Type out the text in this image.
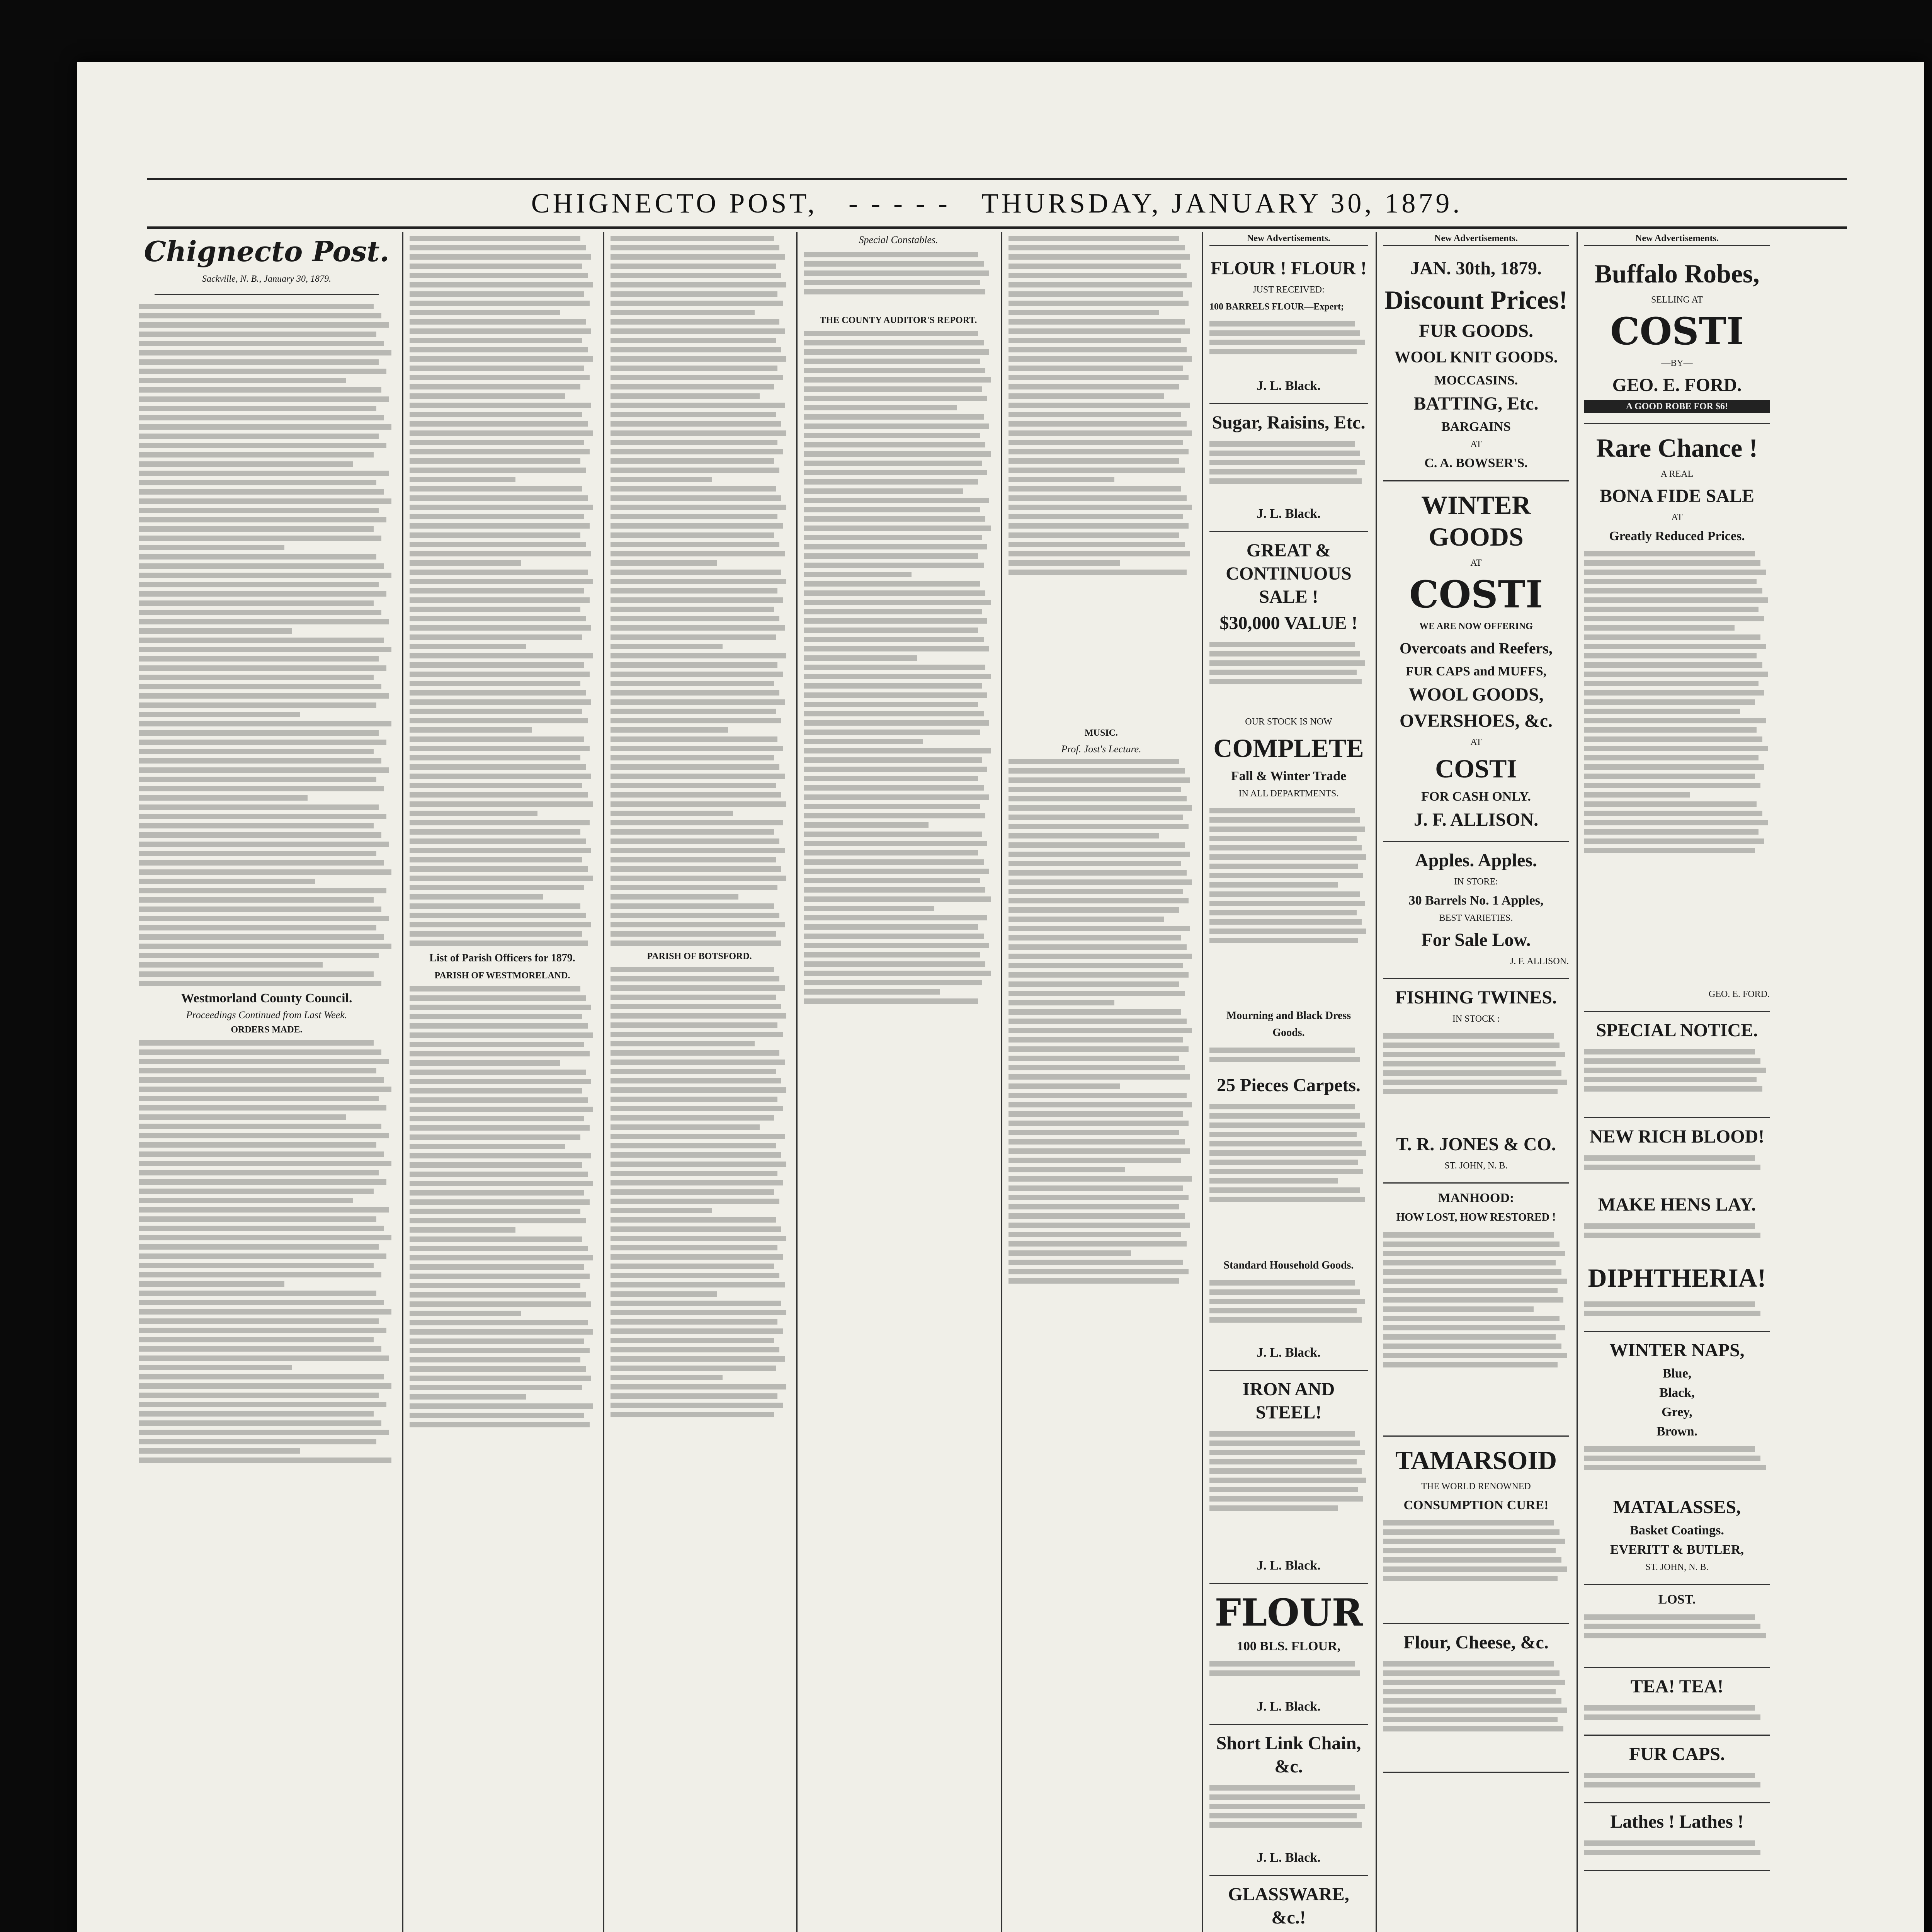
CHIGNECTO POST, - - - - - THURSDAY, JANUARY 30, 1879.
Chignecto Post.
Sackville, N. B., January 30, 1879.
Westmorland County Council.
Proceedings Continued from Last Week.
ORDERS MADE.
List of Parish Officers for 1879.
PARISH OF WESTMORELAND.
PARISH OF BOTSFORD.
Special Constables.
THE COUNTY AUDITOR'S REPORT.
MUSIC.
Prof. Jost's Lecture.
New Advertisements.
FLOUR ! FLOUR !
JUST RECEIVED:
100 BARRELS FLOUR—Expert;
J. L. Black.
Sugar, Raisins, Etc.
J. L. Black.
GREAT & CONTINUOUS SALE !
$30,000 VALUE !
OUR STOCK IS NOW
COMPLETE
Fall & Winter Trade
IN ALL DEPARTMENTS.
Mourning and Black Dress Goods.
25 Pieces Carpets.
Standard Household Goods.
J. L. Black.
IRON AND STEEL!
J. L. Black.
FLOUR
100 BLS. FLOUR,
J. L. Black.
Short Link Chain, &c.
J. L. Black.
GLASSWARE, &c.!
New Advertisements.
JAN. 30th, 1879.
Discount Prices!
FUR GOODS.
WOOL KNIT GOODS.
MOCCASINS.
BATTING, Etc.
BARGAINS
AT
C. A. BOWSER'S.
WINTER GOODS
AT
COSTI
WE ARE NOW OFFERING
Overcoats and Reefers,
FUR CAPS and MUFFS,
WOOL GOODS,
OVERSHOES, &c.
AT
COSTI
FOR CASH ONLY.
J. F. ALLISON.
Apples. Apples.
IN STORE:
30 Barrels No. 1 Apples,
BEST VARIETIES.
For Sale Low.
J. F. ALLISON.
FISHING TWINES.
IN STOCK :
T. R. JONES & CO.
ST. JOHN, N. B.
MANHOOD:
HOW LOST, HOW RESTORED !
TAMARSOID
THE WORLD RENOWNED
CONSUMPTION CURE!
Flour, Cheese, &c.
New Advertisements.
Buffalo Robes,
SELLING AT
COSTI
—BY—
GEO. E. FORD.
A GOOD ROBE FOR $6!
Rare Chance !
A REAL
BONA FIDE SALE
AT
Greatly Reduced Prices.
GEO. E. FORD.
SPECIAL NOTICE.
NEW RICH BLOOD!
MAKE HENS LAY.
DIPHTHERIA!
WINTER NAPS,
Blue,
Black,
Grey,
Brown.
MATALASSES,
Basket Coatings.
EVERITT & BUTLER,
ST. JOHN, N. B.
LOST.
TEA! TEA!
FUR CAPS.
Lathes ! Lathes !
